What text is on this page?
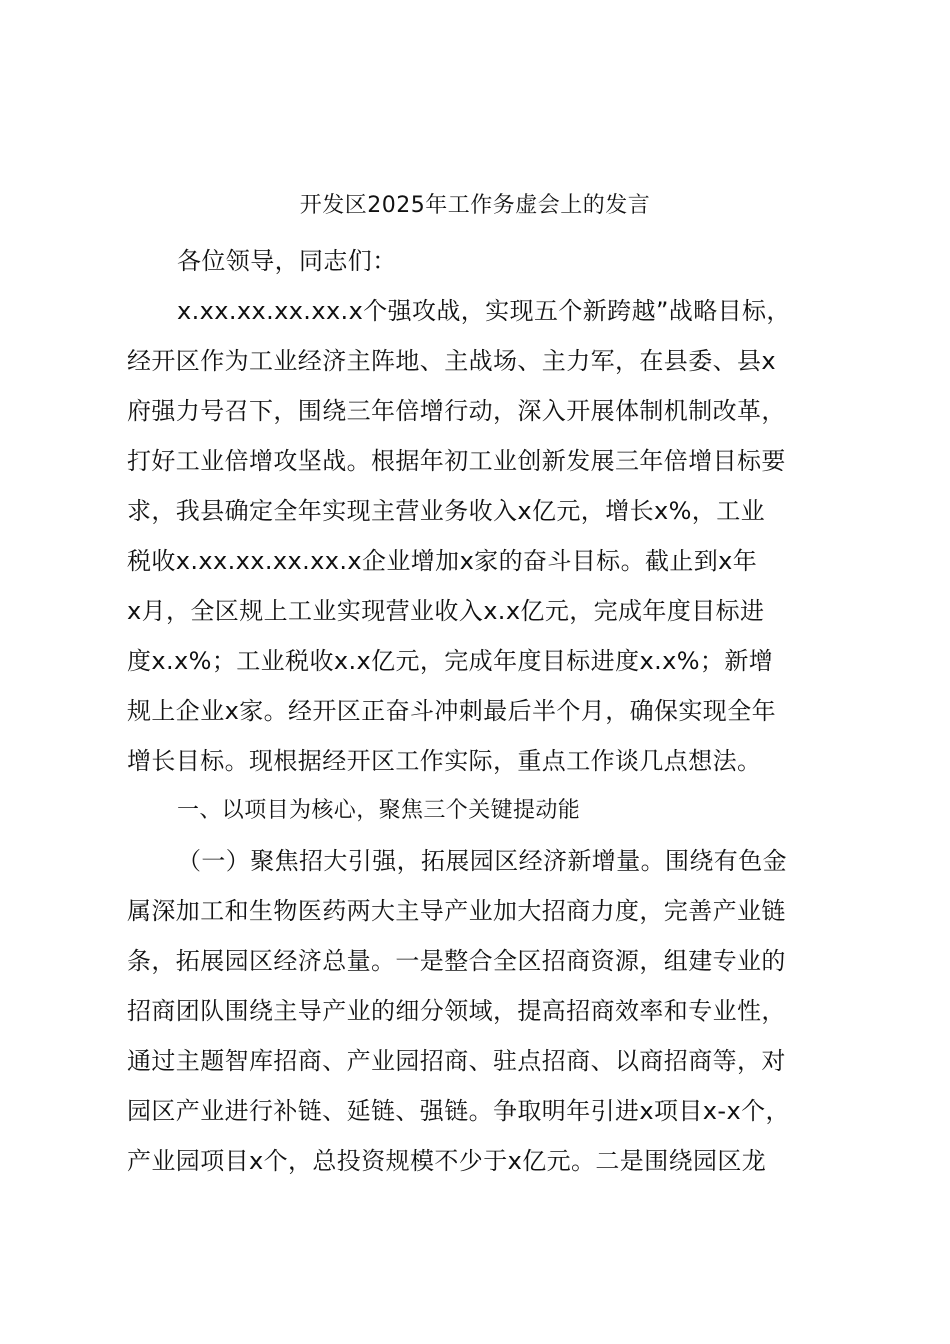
开发区2025年工作务虚会上的发言
各位领导，同志们：
x.xx.xx.xx.xx.x个强攻战，实现五个新跨越”战略目标，
经开区作为工业经济主阵地、主战场、主力军，在县委、县x
府强力号召下，围绕三年倍增行动，深入开展体制机制改革，
打好工业倍增攻坚战。根据年初工业创新发展三年倍增目标要
求，我县确定全年实现主营业务收入x亿元，增长x%，工业
税收x.xx.xx.xx.xx.x企业增加x家的奋斗目标。截止到x年
x月，全区规上工业实现营业收入x.x亿元，完成年度目标进
度x.x%；工业税收x.x亿元，完成年度目标进度x.x%；新增
规上企业x家。经开区正奋斗冲刺最后半个月，确保实现全年
增长目标。现根据经开区工作实际，重点工作谈几点想法。
一、以项目为核心，聚焦三个关键提动能
（一）聚焦招大引强，拓展园区经济新增量。围绕有色金
属深加工和生物医药两大主导产业加大招商力度，完善产业链
条，拓展园区经济总量。一是整合全区招商资源，组建专业的
招商团队围绕主导产业的细分领域，提高招商效率和专业性，
通过主题智库招商、产业园招商、驻点招商、以商招商等，对
园区产业进行补链、延链、强链。争取明年引进x项目x-x个，
产业园项目x个，总投资规模不少于x亿元。二是围绕园区龙
